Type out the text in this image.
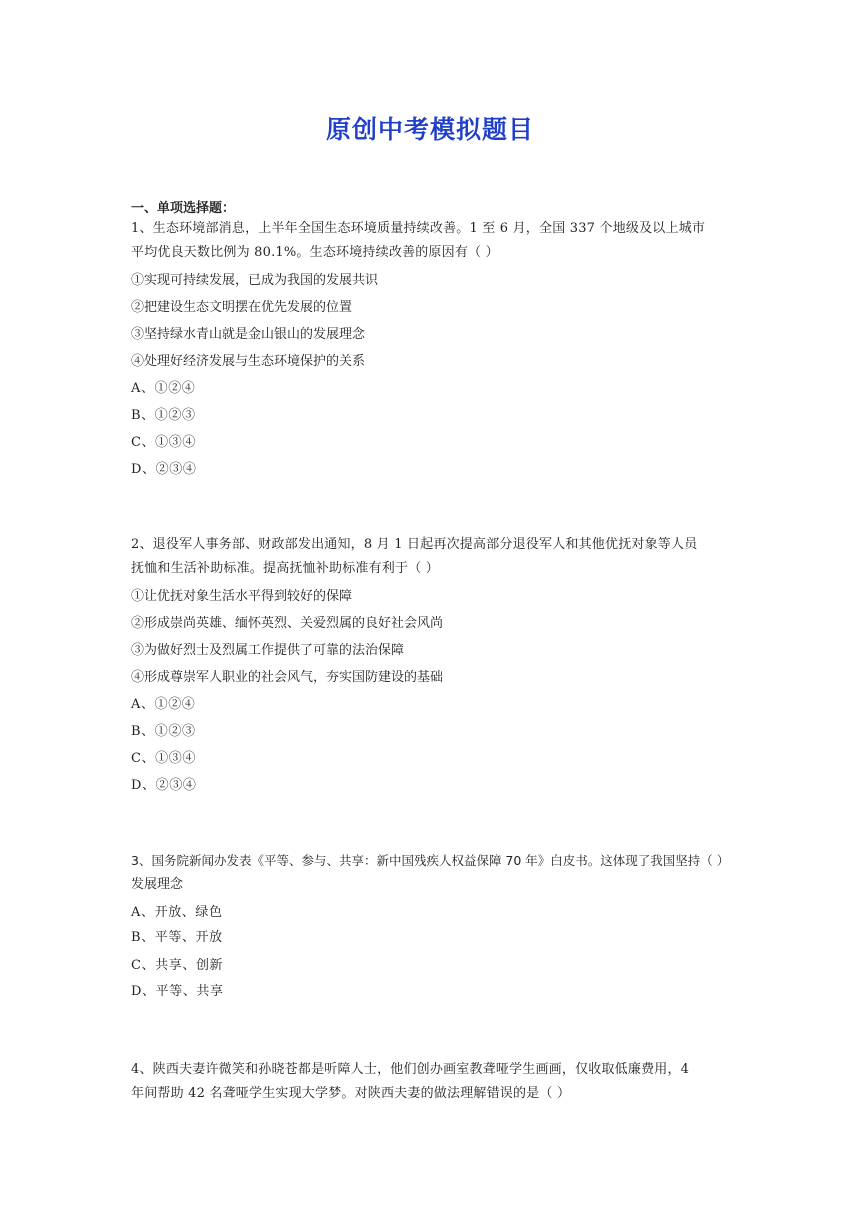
原创中考模拟题目

一、单项选择题：

1、生态环境部消息，上半年全国生态环境质量持续改善。1 至 6 月，全国 337 个地级及以上城市
平均优良天数比例为 80.1%。生态环境持续改善的原因有（ ）
①实现可持续发展，已成为我国的发展共识
②把建设生态文明摆在优先发展的位置
③坚持绿水青山就是金山银山的发展理念
④处理好经济发展与生态环境保护的关系
A、①②④
B、①②③
C、①③④
D、②③④
2、退役军人事务部、财政部发出通知，8 月 1 日起再次提高部分退役军人和其他优抚对象等人员
抚恤和生活补助标准。提高抚恤补助标准有利于（ ）
①让优抚对象生活水平得到较好的保障
②形成崇尚英雄、缅怀英烈、关爱烈属的良好社会风尚
③为做好烈士及烈属工作提供了可靠的法治保障
④形成尊崇军人职业的社会风气，夯实国防建设的基础
A、①②④
B、①②③
C、①③④
D、②③④
3、国务院新闻办发表《平等、参与、共享：新中国残疾人权益保障 70 年》白皮书。这体现了我国坚持（ ）
发展理念
A、开放、绿色
B、平等、开放
C、共享、创新
D、平等、共享
4、陕西夫妻许微笑和孙晓苍都是听障人士，他们创办画室教聋哑学生画画，仅收取低廉费用，4
年间帮助 42 名聋哑学生实现大学梦。对陕西夫妻的做法理解错误的是（ ）
